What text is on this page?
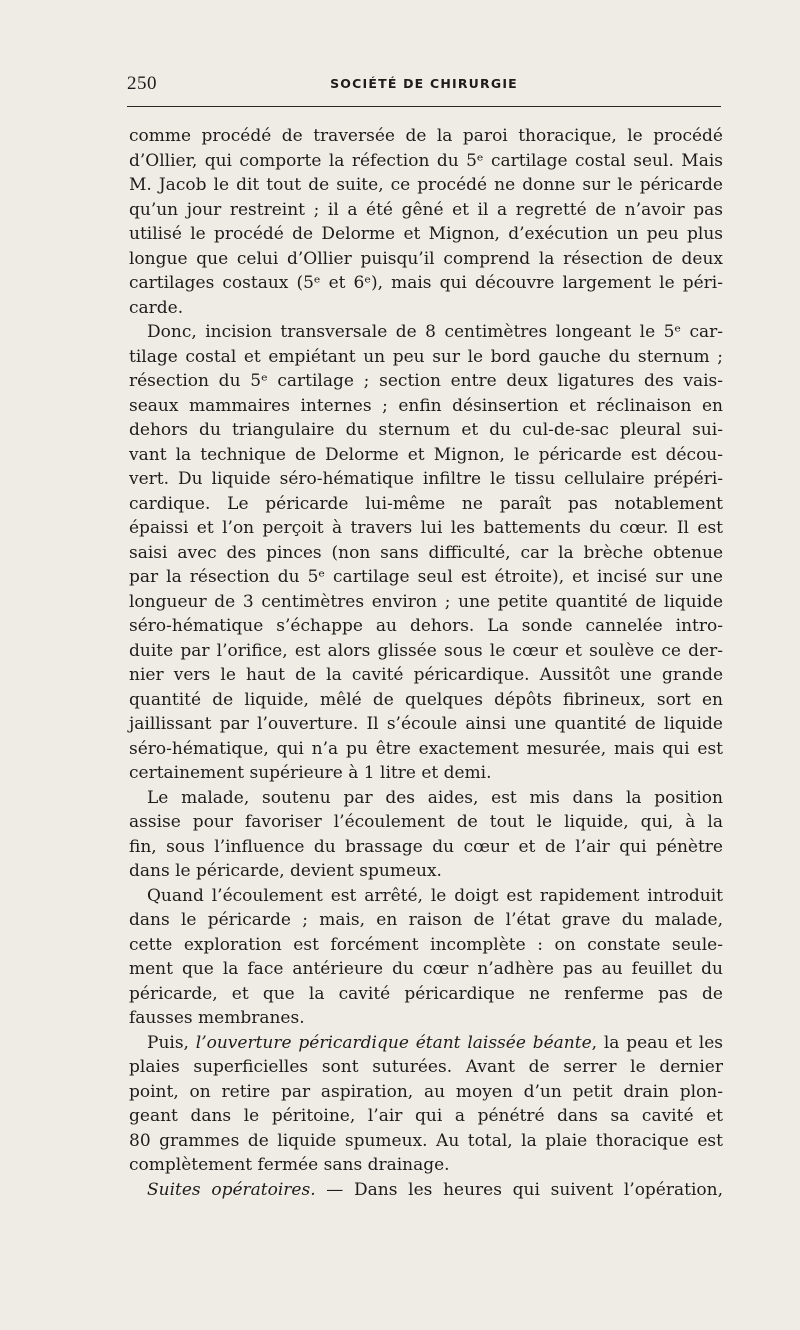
250	SOCIÉTÉ DE CHIRURGIE
comme procédé de traversée de la paroi thoracique, le procédé
d’Ollier, qui comporte la réfection du 5ᵉ cartilage costal seul. Mais
M. Jacob le dit tout de suite, ce procédé ne donne sur le péricarde
qu’un jour restreint ; il a été gêné et il a regretté de n’avoir pas
utilisé le procédé de Delorme et Mignon, d’exécution un peu plus
longue que celui d’Ollier puisqu’il comprend la résection de deux
cartilages costaux (5ᵉ et 6ᵉ), mais qui découvre largement le péri-
carde.
Donc, incision transversale de 8 centimètres longeant le 5ᵉ car-
tilage costal et empiétant un peu sur le bord gauche du sternum ;
résection du 5ᵉ cartilage ; section entre deux ligatures des vais-
seaux mammaires internes ; enfin désinsertion et réclinaison en
dehors du triangulaire du sternum et du cul-de-sac pleural sui-
vant la technique de Delorme et Mignon, le péricarde est décou-
vert. Du liquide séro-hématique infiltre le tissu cellulaire prépéri-
cardique. Le péricarde lui-même ne paraît pas notablement
épaissi et l’on perçoit à travers lui les battements du cœur. Il est
saisi avec des pinces (non sans difficulté, car la brèche obtenue
par la résection du 5ᵉ cartilage seul est étroite), et incisé sur une
longueur de 3 centimètres environ ; une petite quantité de liquide
séro-hématique s’échappe au dehors. La sonde cannelée intro-
duite par l’orifice, est alors glissée sous le cœur et soulève ce der-
nier vers le haut de la cavité péricardique. Aussitôt une grande
quantité de liquide, mêlé de quelques dépôts fibrineux, sort en
jaillissant par l’ouverture. Il s’écoule ainsi une quantité de liquide
séro-hématique, qui n’a pu être exactement mesurée, mais qui est
certainement supérieure à 1 litre et demi.
Le malade, soutenu par des aides, est mis dans la position
assise pour favoriser l’écoulement de tout le liquide, qui, à la
fin, sous l’influence du brassage du cœur et de l’air qui pénètre
dans le péricarde, devient spumeux.
Quand l’écoulement est arrêté, le doigt est rapidement introduit
dans le péricarde ; mais, en raison de l’état grave du malade,
cette exploration est forcément incomplète : on constate seule-
ment que la face antérieure du cœur n’adhère pas au feuillet du
péricarde, et que la cavité péricardique ne renferme pas de
fausses membranes.
Puis, l’ouverture péricardique étant laissée béante, la peau et les
plaies superficielles sont suturées. Avant de serrer le dernier
point, on retire par aspiration, au moyen d’un petit drain plon-
geant dans le péritoine, l’air qui a pénétré dans sa cavité et
80 grammes de liquide spumeux. Au total, la plaie thoracique est
complètement fermée sans drainage.
Suites opératoires. — Dans les heures qui suivent l’opération,
